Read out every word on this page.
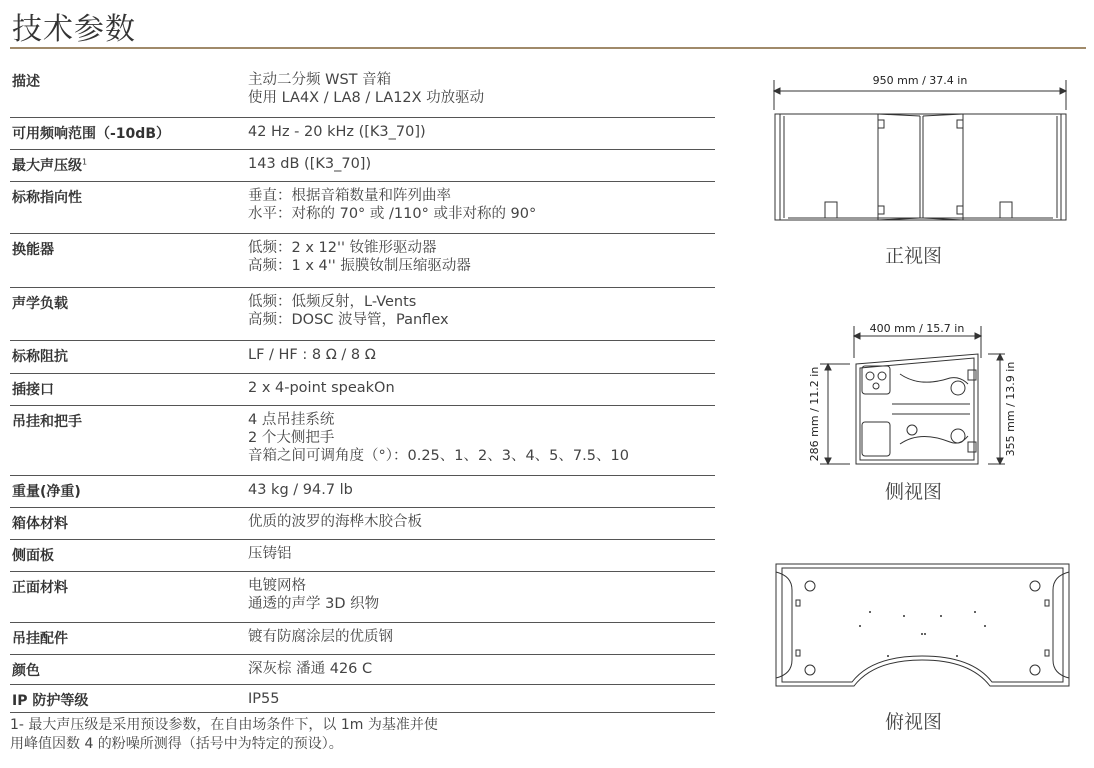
技术参数
描述	主动二分频 WST 音箱
使用 LA4X / LA8 / LA12X 功放驱动
可用频响范围（-10dB）	42 Hz - 20 kHz ([K3_70])
最大声压级$^1$	143 dB ([K3_70])
标称指向性	垂直：根据音箱数量和阵列曲率
水平：对称的 70° 或 /110° 或非对称的 90°
换能器	低频：2 x 12'' 钕锥形驱动器
高频：1 x 4'' 振膜钕制压缩驱动器
声学负载	低频：低频反射，L-Vents
高频：DOSC 波导管，Panflex
标称阻抗	LF / HF : 8 Ω / 8 Ω
插接口	2 x 4-point speakOn
吊挂和把手	4 点吊挂系统
2 个大侧把手
音箱之间可调角度（°）：0.25、1、2、3、4、5、7.5、10
重量(净重)	43 kg / 94.7 lb
箱体材料	优质的波罗的海桦木胶合板
侧面板	压铸铝
正面材料	电镀网格
通透的声学 3D 织物
吊挂配件	镀有防腐涂层的优质钢
颜色	深灰棕 潘通 426 C
IP 防护等级	IP55
1- 最大声压级是采用预设参数，在自由场条件下，以 1m 为基准并使
用峰值因数 4 的粉噪所测得（括号中为特定的预设）。
950 mm / 37.4 in
正视图
400 mm / 15.7 in
286 mm / 11.2 in	355 mm / 13.9 in
侧视图
俯视图
